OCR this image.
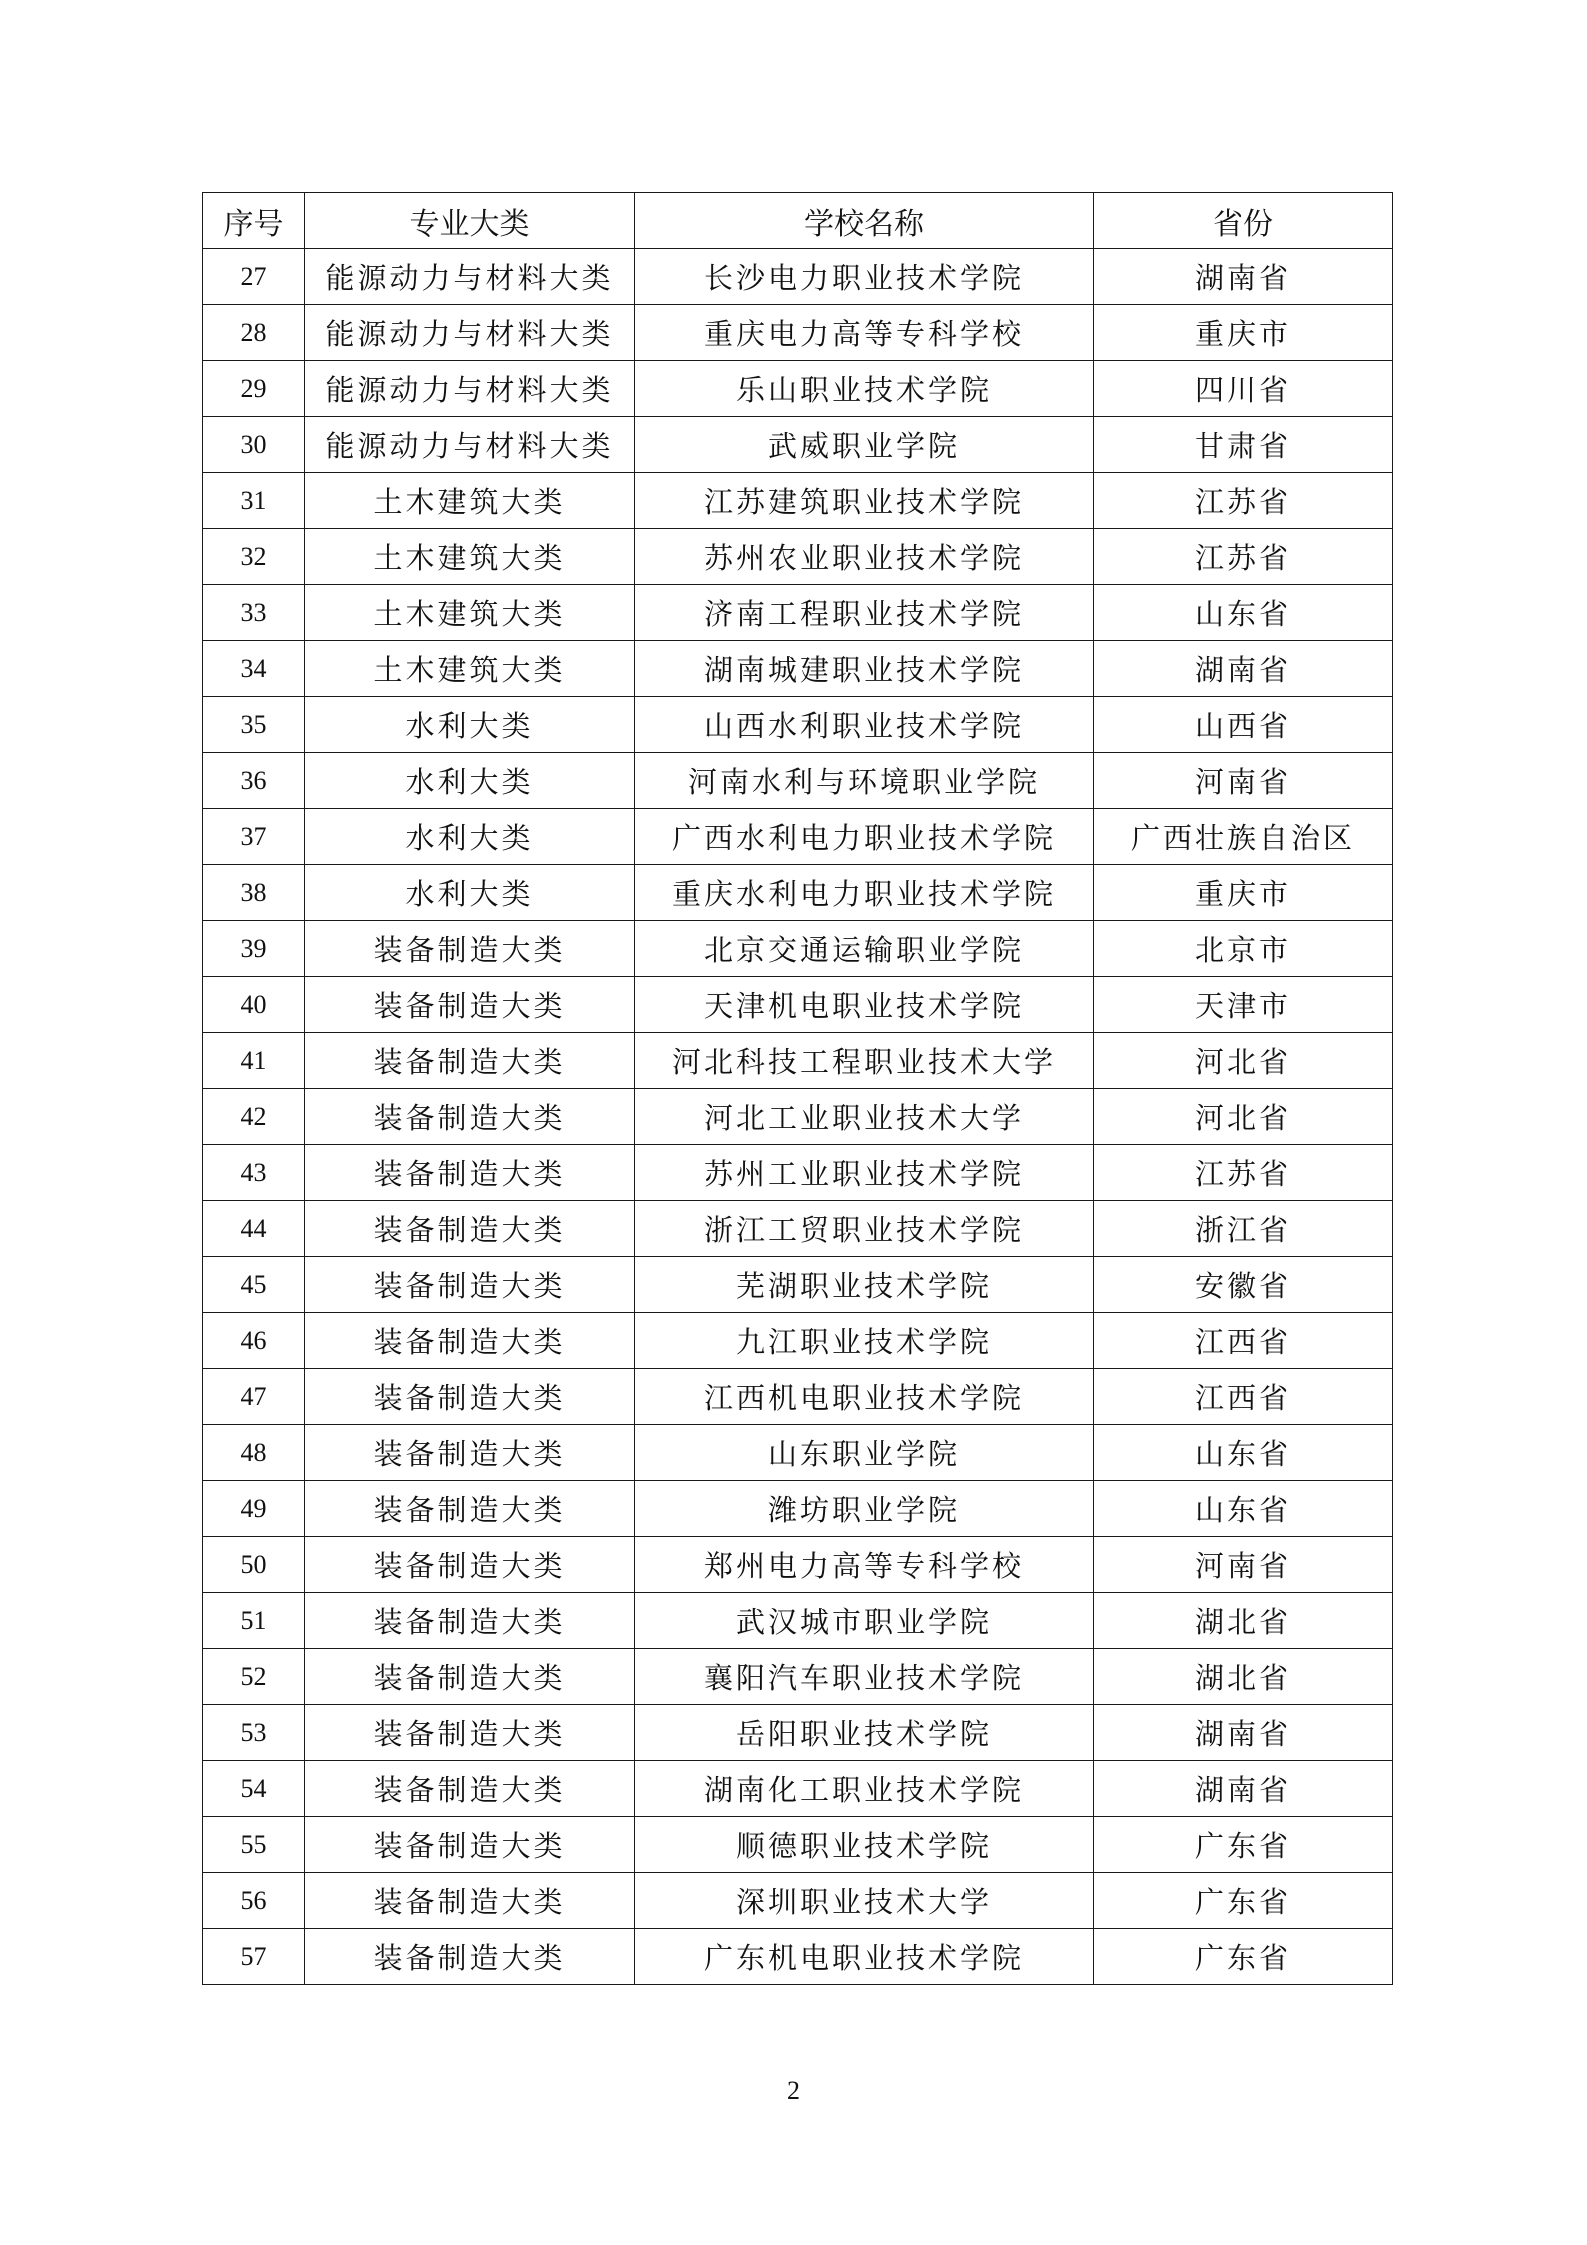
序号	专业大类	学校名称	省份
27	能源动力与材料大类	长沙电力职业技术学院	湖南省
28	能源动力与材料大类	重庆电力高等专科学校	重庆市
29	能源动力与材料大类	乐山职业技术学院	四川省
30	能源动力与材料大类	武威职业学院	甘肃省
31	土木建筑大类	江苏建筑职业技术学院	江苏省
32	土木建筑大类	苏州农业职业技术学院	江苏省
33	土木建筑大类	济南工程职业技术学院	山东省
34	土木建筑大类	湖南城建职业技术学院	湖南省
35	水利大类	山西水利职业技术学院	山西省
36	水利大类	河南水利与环境职业学院	河南省
37	水利大类	广西水利电力职业技术学院	广西壮族自治区
38	水利大类	重庆水利电力职业技术学院	重庆市
39	装备制造大类	北京交通运输职业学院	北京市
40	装备制造大类	天津机电职业技术学院	天津市
41	装备制造大类	河北科技工程职业技术大学	河北省
42	装备制造大类	河北工业职业技术大学	河北省
43	装备制造大类	苏州工业职业技术学院	江苏省
44	装备制造大类	浙江工贸职业技术学院	浙江省
45	装备制造大类	芜湖职业技术学院	安徽省
46	装备制造大类	九江职业技术学院	江西省
47	装备制造大类	江西机电职业技术学院	江西省
48	装备制造大类	山东职业学院	山东省
49	装备制造大类	潍坊职业学院	山东省
50	装备制造大类	郑州电力高等专科学校	河南省
51	装备制造大类	武汉城市职业学院	湖北省
52	装备制造大类	襄阳汽车职业技术学院	湖北省
53	装备制造大类	岳阳职业技术学院	湖南省
54	装备制造大类	湖南化工职业技术学院	湖南省
55	装备制造大类	顺德职业技术学院	广东省
56	装备制造大类	深圳职业技术大学	广东省
57	装备制造大类	广东机电职业技术学院	广东省
2
